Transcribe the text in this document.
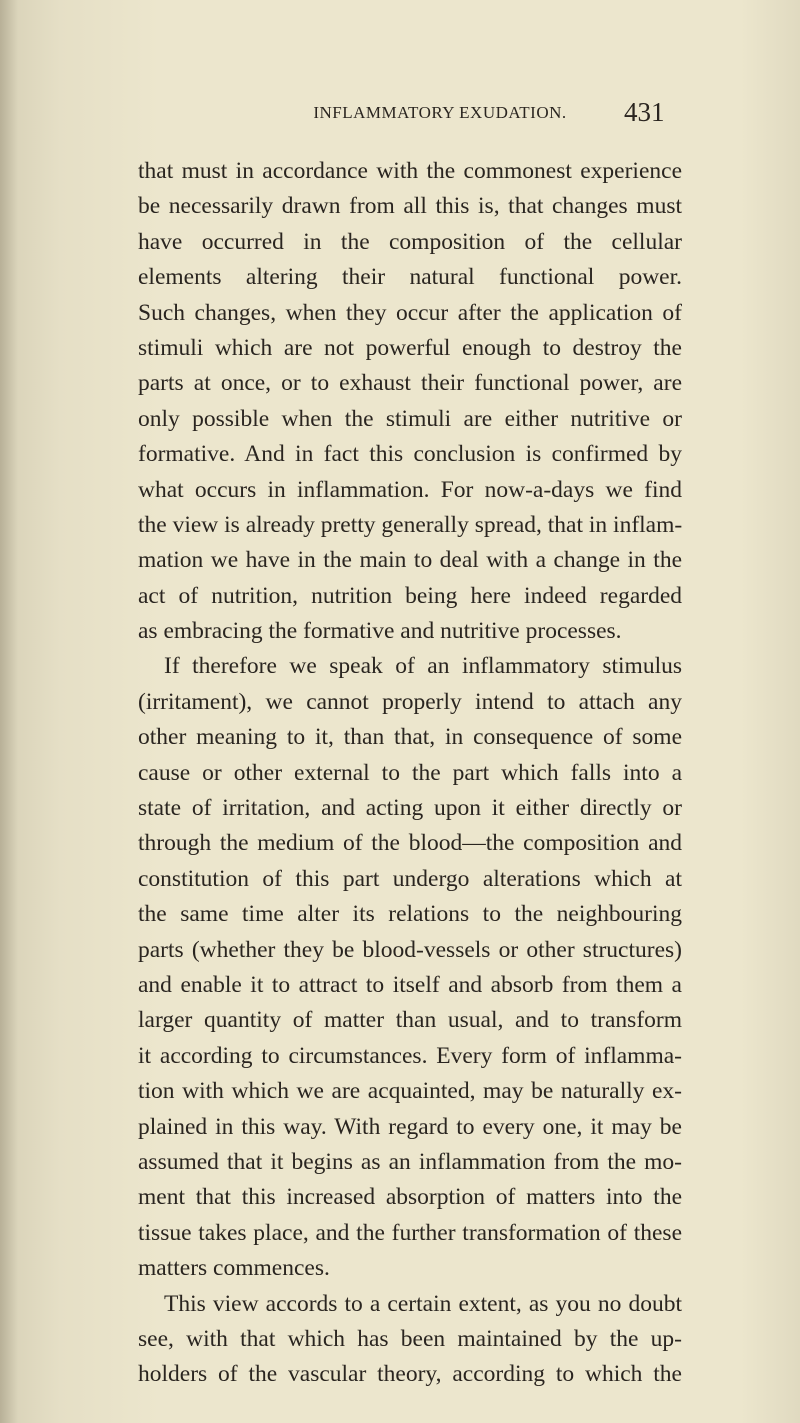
INFLAMMATORY EXUDATION.	431
that must in accordance with the commonest experience
be necessarily drawn from all this is, that changes must
have occurred in the composition of the cellular
elements altering their natural functional power.
Such changes, when they occur after the application of
stimuli which are not powerful enough to destroy the
parts at once, or to exhaust their functional power, are
only possible when the stimuli are either nutritive or
formative. And in fact this conclusion is confirmed by
what occurs in inflammation. For now-a-days we find
the view is already pretty generally spread, that in inflam-
mation we have in the main to deal with a change in the
act of nutrition, nutrition being here indeed regarded
as embracing the formative and nutritive processes.
If therefore we speak of an inflammatory stimulus
(irritament), we cannot properly intend to attach any
other meaning to it, than that, in consequence of some
cause or other external to the part which falls into a
state of irritation, and acting upon it either directly or
through the medium of the blood—the composition and
constitution of this part undergo alterations which at
the same time alter its relations to the neighbouring
parts (whether they be blood-vessels or other structures)
and enable it to attract to itself and absorb from them a
larger quantity of matter than usual, and to transform
it according to circumstances. Every form of inflamma-
tion with which we are acquainted, may be naturally ex-
plained in this way. With regard to every one, it may be
assumed that it begins as an inflammation from the mo-
ment that this increased absorption of matters into the
tissue takes place, and the further transformation of these
matters commences.
This view accords to a certain extent, as you no doubt
see, with that which has been maintained by the up-
holders of the vascular theory, according to which the
